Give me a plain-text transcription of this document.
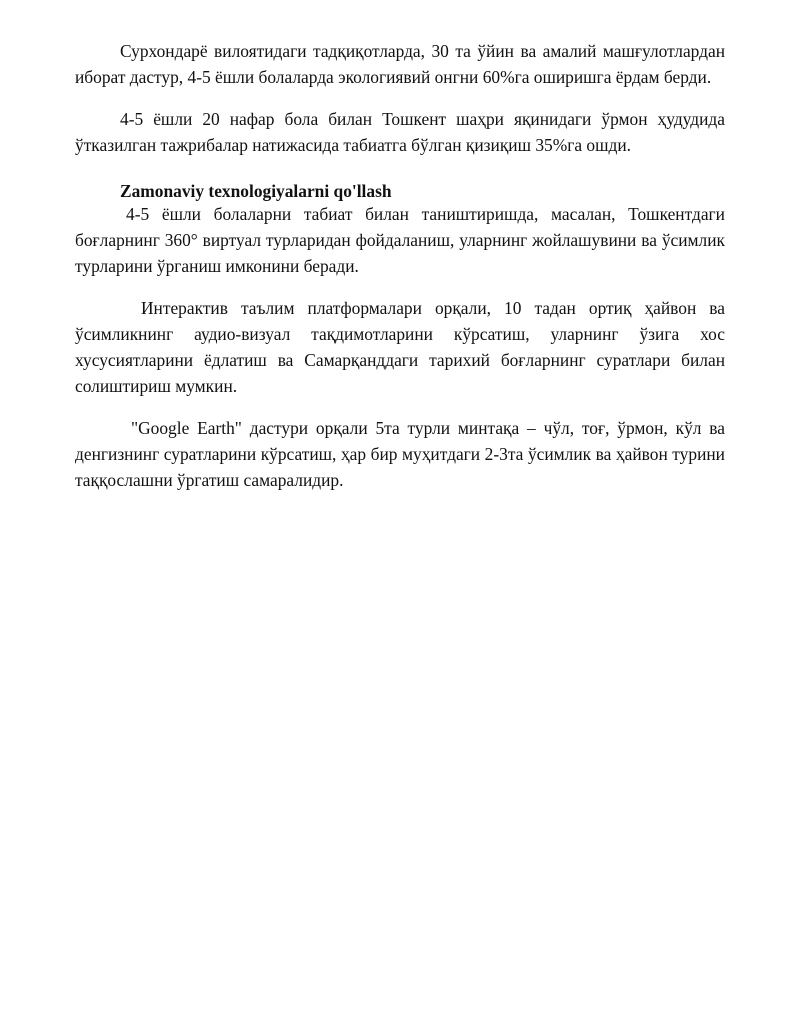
Сурхондарё вилоятидаги тадқиқотларда, 30 та ўйин ва амалий машғулотлардан иборат дастур, 4-5 ёшли болаларда экологиявий онгни 60%га оширишга ёрдам берди.

4-5 ёшли 20 нафар бола билан Тошкент шаҳри яқинидаги ўрмон ҳудудида ўтказилган тажрибалар натижасида табиатга бўлган қизиқиш 35%га ошди.

Zamonaviy texnologiyalarni qo'llash

4-5 ёшли болаларни табиат билан таништиришда, масалан, Тошкентдаги боғларнинг 360° виртуал турларидан фойдаланиш, уларнинг жойлашувини ва ўсимлик турларини ўрганиш имконини беради.

Интерактив таълим платформалари орқали, 10 тадан ортиқ ҳайвон ва ўсимликнинг аудио-визуал тақдимотларини кўрсатиш, уларнинг ўзига хос хусусиятларини ёдлатиш ва Самарқанддаги тарихий боғларнинг суратлари билан солиштириш мумкин.

"Google Earth" дастури орқали 5та турли минтақа – чўл, тоғ, ўрмон, кўл ва денгизнинг суратларини кўрсатиш, ҳар бир муҳитдаги 2-3та ўсимлик ва ҳайвон турини таққослашни ўргатиш самаралидир.
